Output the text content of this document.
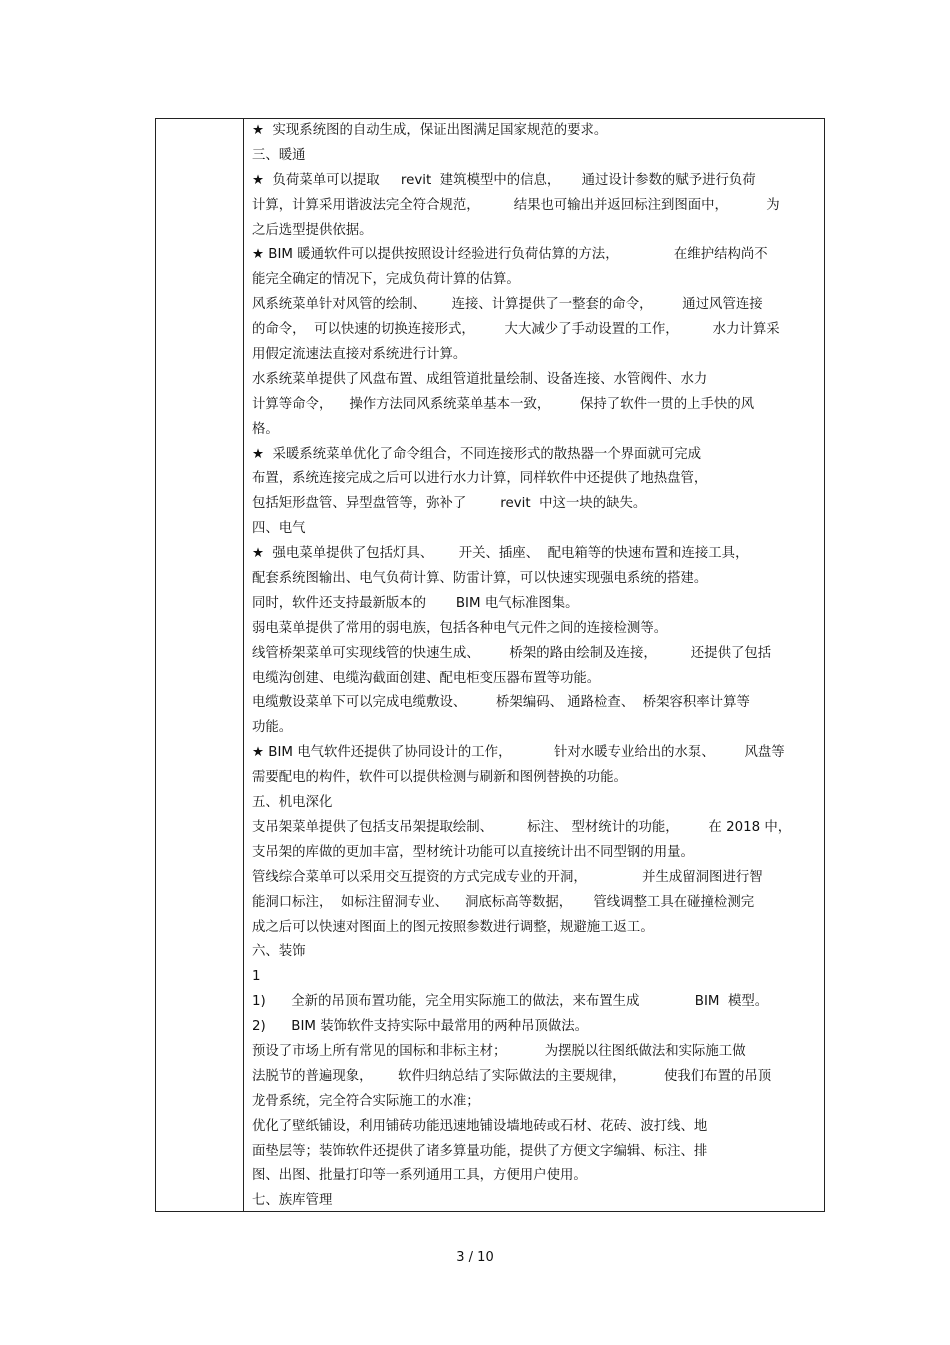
★  实现系统图的自动生成，保证出图满足国家规范的要求。
三、暖通
★  负荷菜单可以提取     revit  建筑模型中的信息，     通过设计参数的赋予进行负荷
计算，计算采用谐波法完全符合规范，        结果也可输出并返回标注到图面中，         为
之后选型提供依据。
★ BIM 暖通软件可以提供按照设计经验进行负荷估算的方法，             在维护结构尚不
能完全确定的情况下，完成负荷计算的估算。
风系统菜单针对风管的绘制、      连接、计算提供了一整套的命令，       通过风管连接
的命令，  可以快速的切换连接形式，       大大减少了手动设置的工作，        水力计算采
用假定流速法直接对系统进行计算。
水系统菜单提供了风盘布置、成组管道批量绘制、设备连接、水管阀件、水力
计算等命令，    操作方法同风系统菜单基本一致，       保持了软件一贯的上手快的风
格。
★  采暖系统菜单优化了命令组合，不同连接形式的散热器一个界面就可完成
布置，系统连接完成之后可以进行水力计算，同样软件中还提供了地热盘管，
包括矩形盘管、异型盘管等，弥补了        revit  中这一块的缺失。
四、电气
★  强电菜单提供了包括灯具、      开关、插座、  配电箱等的快速布置和连接工具，
配套系统图输出、电气负荷计算、防雷计算，可以快速实现强电系统的搭建。
同时，软件还支持最新版本的       BIM 电气标准图集。
弱电菜单提供了常用的弱电族，包括各种电气元件之间的连接检测等。
线管桥架菜单可实现线管的快速生成、       桥架的路由绘制及连接，        还提供了包括
电缆沟创建、电缆沟截面创建、配电柜变压器布置等功能。
电缆敷设菜单下可以完成电缆敷设、       桥架编码、 通路检查、  桥架容积率计算等
功能。
★ BIM 电气软件还提供了协同设计的工作，          针对水暖专业给出的水泵、       风盘等
需要配电的构件，软件可以提供检测与刷新和图例替换的功能。
五、机电深化
支吊架菜单提供了包括支吊架提取绘制、        标注、 型材统计的功能，       在 2018 中，
支吊架的库做的更加丰富，型材统计功能可以直接统计出不同型钢的用量。
管线综合菜单可以采用交互提资的方式完成专业的开洞，             并生成留洞图进行智
能洞口标注，  如标注留洞专业、    洞底标高等数据，     管线调整工具在碰撞检测完
成之后可以快速对图面上的图元按照参数进行调整，规避施工返工。
六、装饰
1
1)      全新的吊顶布置功能，完全用实际施工的做法，来布置生成             BIM  模型。
2)      BIM 装饰软件支持实际中最常用的两种吊顶做法。
预设了市场上所有常见的国标和非标主材；         为摆脱以往图纸做法和实际施工做
法脱节的普遍现象，      软件归纳总结了实际做法的主要规律，         使我们布置的吊顶
龙骨系统，完全符合实际施工的水准；
优化了壁纸铺设，利用铺砖功能迅速地铺设墙地砖或石材、花砖、波打线、地
面垫层等；装饰软件还提供了诸多算量功能，提供了方便文字编辑、标注、排
图、出图、批量打印等一系列通用工具，方便用户使用。
七、族库管理
3 / 10
